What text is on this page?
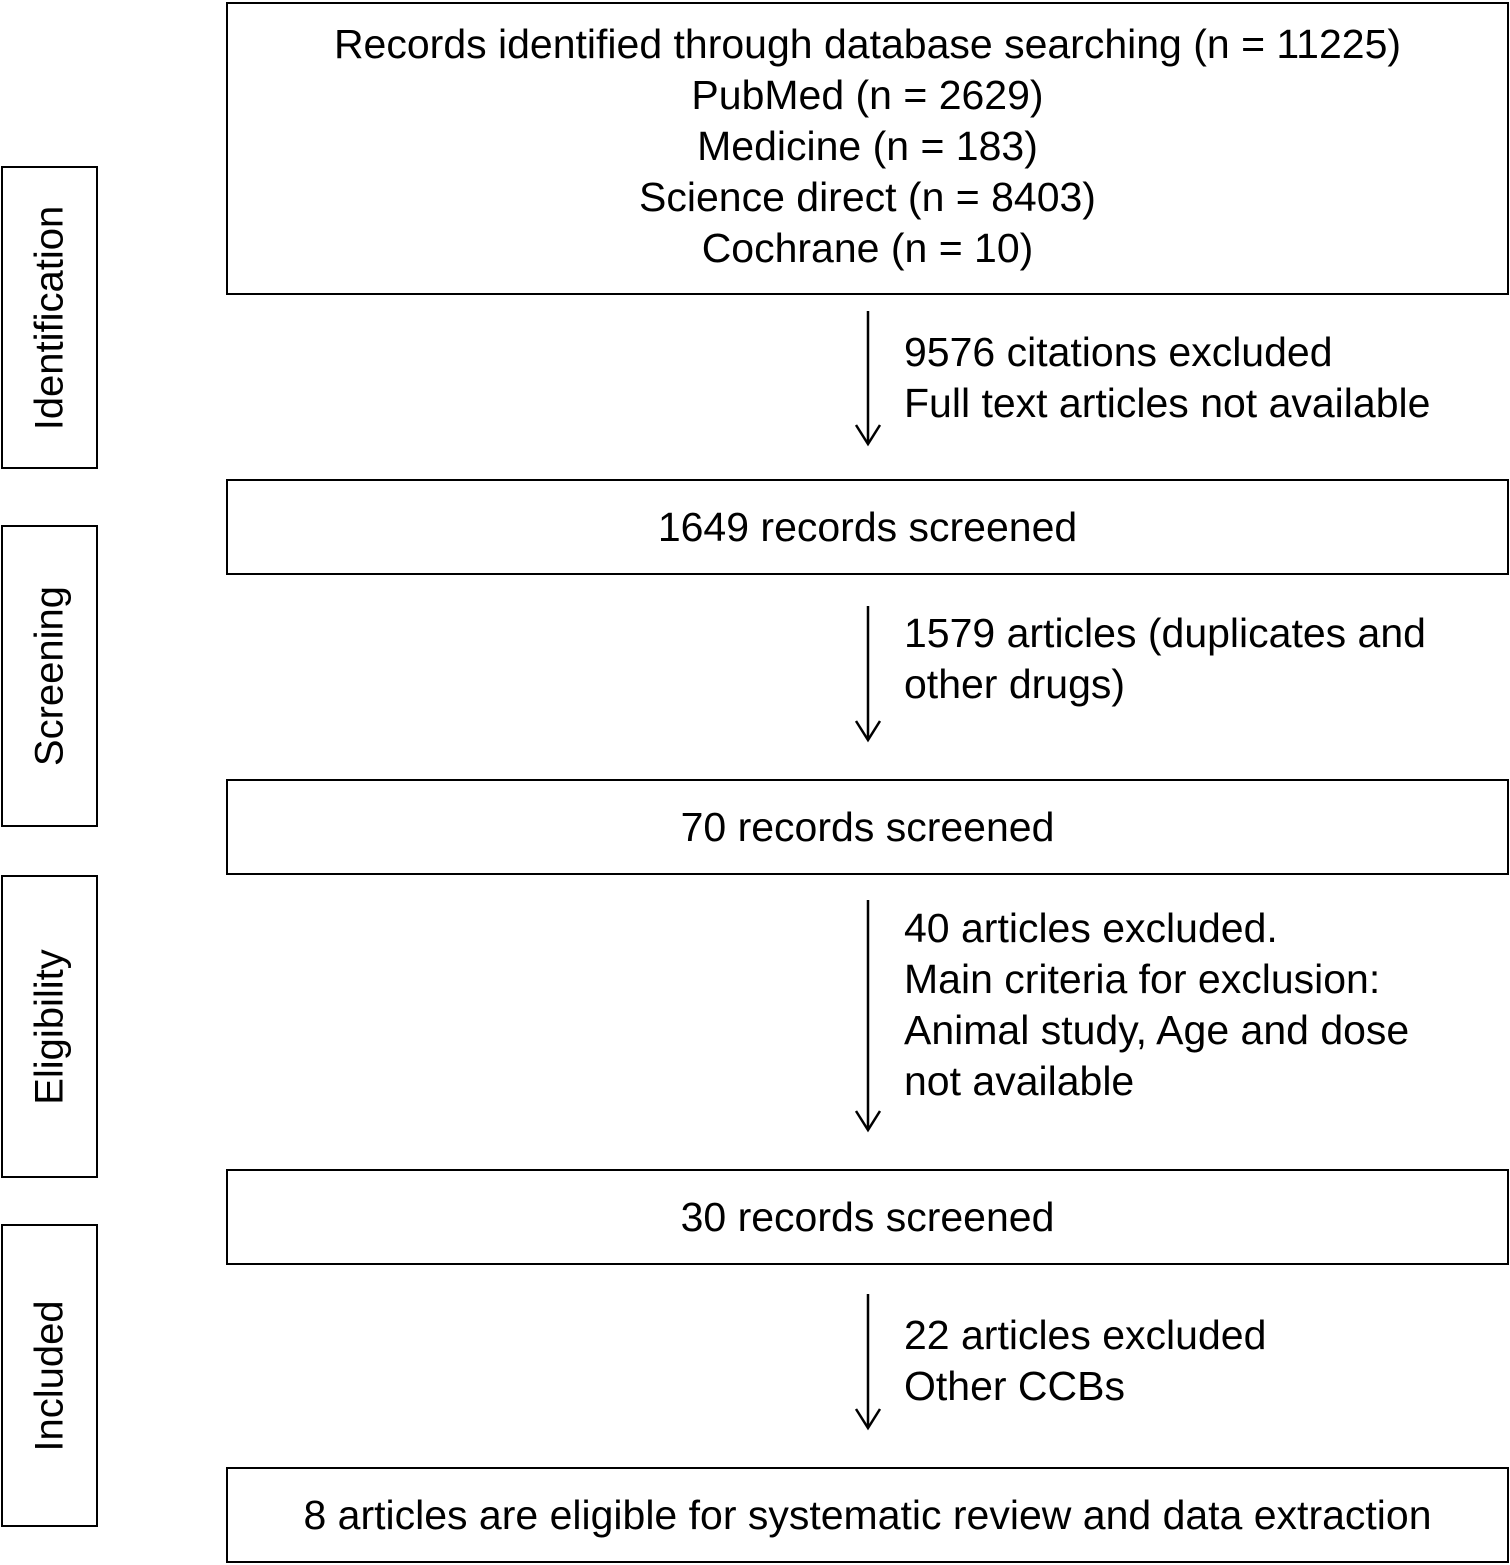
Identification
Screening
Eligibility
Included
Records identified through database searching (n = 11225)
PubMed (n = 2629)
Medicine (n = 183)
Science direct (n = 8403)
Cochrane (n = 10)
1649 records screened
70 records screened
30 records screened
8 articles are eligible for systematic review and data extraction
9576 citations excluded
Full text articles not available
1579 articles (duplicates and
other drugs)
40 articles excluded.
Main criteria for exclusion:
Animal study, Age and dose
not available
22 articles excluded
Other CCBs
